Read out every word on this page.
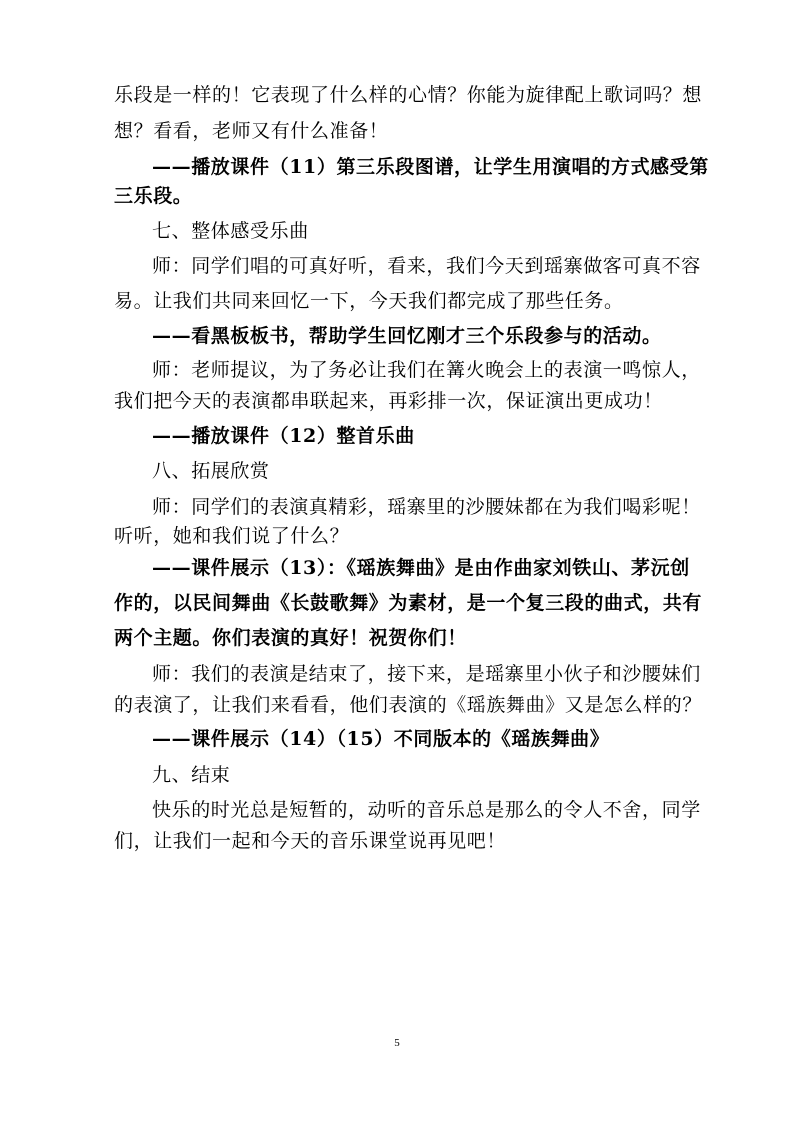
乐段是一样的！它表现了什么样的心情？你能为旋律配上歌词吗？想
想？看看，老师又有什么准备！
——播放课件（11）第三乐段图谱，让学生用演唱的方式感受第
三乐段。
七、整体感受乐曲
师：同学们唱的可真好听，看来，我们今天到瑶寨做客可真不容
易。让我们共同来回忆一下，今天我们都完成了那些任务。
——看黑板板书，帮助学生回忆刚才三个乐段参与的活动。
师：老师提议，为了务必让我们在篝火晚会上的表演一鸣惊人，
我们把今天的表演都串联起来，再彩排一次，保证演出更成功！
——播放课件（12）整首乐曲
八、拓展欣赏
师：同学们的表演真精彩，瑶寨里的沙腰妹都在为我们喝彩呢！
听听，她和我们说了什么？
——课件展示（13）：《瑶族舞曲》是由作曲家刘铁山、茅沅创
作的，以民间舞曲《长鼓歌舞》为素材，是一个复三段的曲式，共有
两个主题。你们表演的真好！祝贺你们！
师：我们的表演是结束了，接下来，是瑶寨里小伙子和沙腰妹们
的表演了，让我们来看看，他们表演的《瑶族舞曲》又是怎么样的？
——课件展示（14）（15）不同版本的《瑶族舞曲》
九、结束
快乐的时光总是短暂的，动听的音乐总是那么的令人不舍，同学
们，让我们一起和今天的音乐课堂说再见吧！
5
